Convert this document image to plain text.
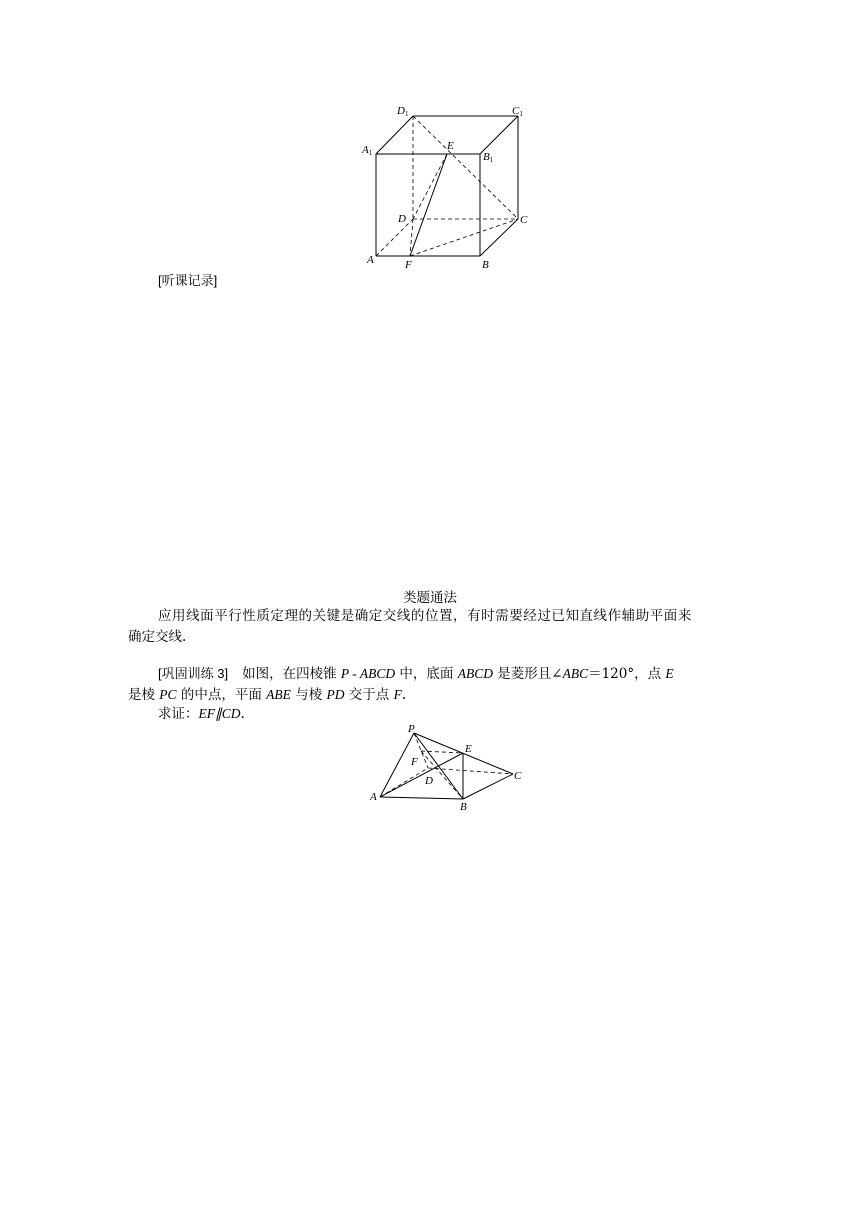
D1	C1
A1
E
B1
D	C
A	F	B
[听课记录]
类题通法
应用线面平行性质定理的关键是确定交线的位置，有时需要经过已知直线作辅助平面来
确定交线.
[巩固训练 3] 如图，在四棱锥 P - ABCD 中，底面 ABCD 是菱形且∠ABC＝120°，点 E
是棱 PC 的中点，平面 ABE 与棱 PD 交于点 F.
求证：EF∥CD.
P
E
F
D	C
A
B
